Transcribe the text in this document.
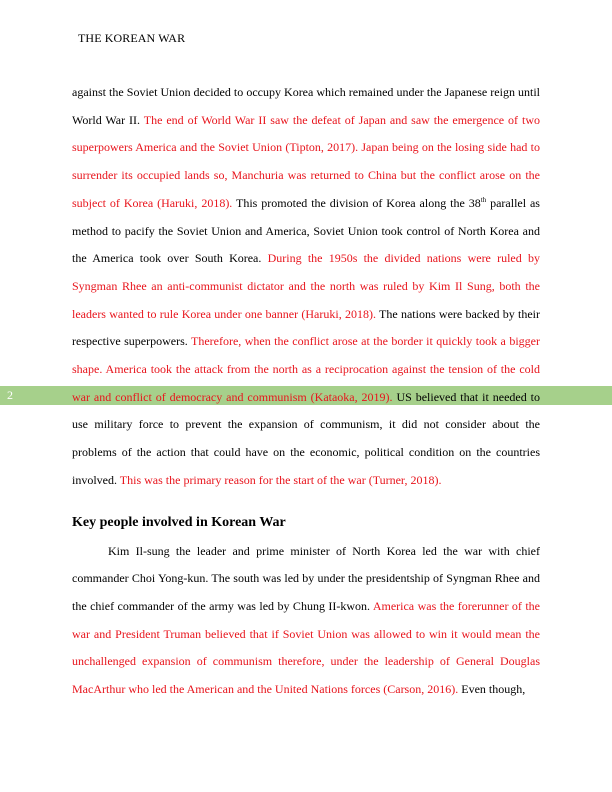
THE KOREAN WAR
2

against the Soviet Union decided to occupy Korea which remained under the Japanese reign until World War II. The end of World War II saw the defeat of Japan and saw the emergence of two superpowers America and the Soviet Union (Tipton, 2017). Japan being on the losing side had to surrender its occupied lands so, Manchuria was returned to China but the conflict arose on the subject of Korea (Haruki, 2018). This promoted the division of Korea along the 38th parallel as method to pacify the Soviet Union and America, Soviet Union took control of North Korea and the America took over South Korea. During the 1950s the divided nations were ruled by Syngman Rhee an anti-communist dictator and the north was ruled by Kim Il Sung, both the leaders wanted to rule Korea under one banner (Haruki, 2018). The nations were backed by their respective superpowers. Therefore, when the conflict arose at the border it quickly took a bigger shape. America took the attack from the north as a reciprocation against the tension of the cold war and conflict of democracy and communism (Kataoka, 2019). US believed that it needed to use military force to prevent the expansion of communism, it did not consider about the problems of the action that could have on the economic, political condition on the countries involved. This was the primary reason for the start of the war (Turner, 2018).

Key people involved in Korean War

Kim Il-sung the leader and prime minister of North Korea led the war with chief commander Choi Yong-kun. The south was led by under the presidentship of Syngman Rhee and the chief commander of the army was led by Chung II-kwon. America was the forerunner of the war and President Truman believed that if Soviet Union was allowed to win it would mean the unchallenged expansion of communism therefore, under the leadership of General Douglas MacArthur who led the American and the United Nations forces (Carson, 2016). Even though,
